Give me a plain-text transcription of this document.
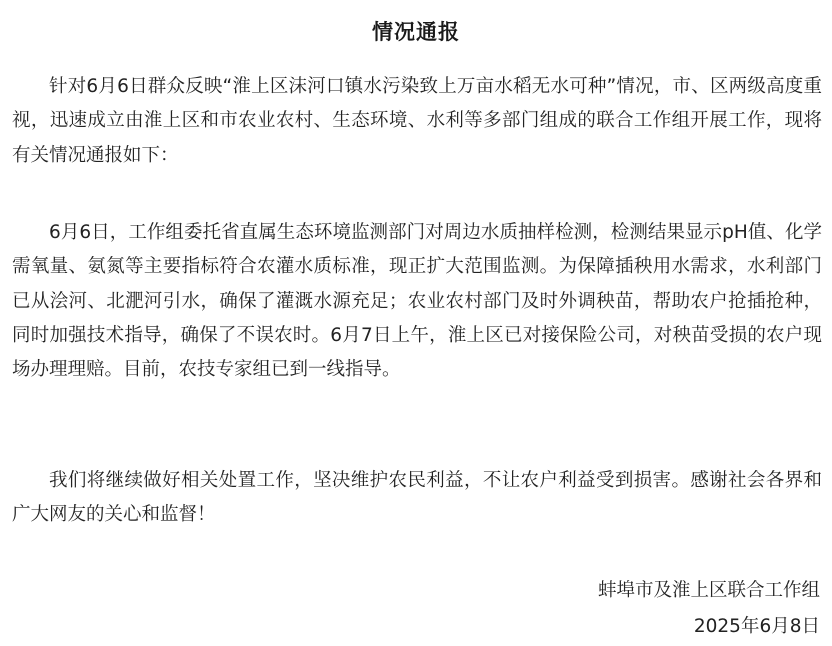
情况通报

针对6月6日群众反映“淮上区沫河口镇水污染致上万亩水稻无水可种”情况，市、区两级高度重视，迅速成立由淮上区和市农业农村、生态环境、水利等多部门组成的联合工作组开展工作，现将有关情况通报如下：

6月6日，工作组委托省直属生态环境监测部门对周边水质抽样检测，检测结果显示pH值、化学需氧量、氨氮等主要指标符合农灌水质标准，现正扩大范围监测。为保障插秧用水需求，水利部门已从浍河、北淝河引水，确保了灌溉水源充足；农业农村部门及时外调秧苗，帮助农户抢插抢种，同时加强技术指导，确保了不误农时。6月7日上午，淮上区已对接保险公司，对秧苗受损的农户现场办理理赔。目前，农技专家组已到一线指导。

我们将继续做好相关处置工作，坚决维护农民利益，不让农户利益受到损害。感谢社会各界和广大网友的关心和监督！

蚌埠市及淮上区联合工作组
2025年6月8日
